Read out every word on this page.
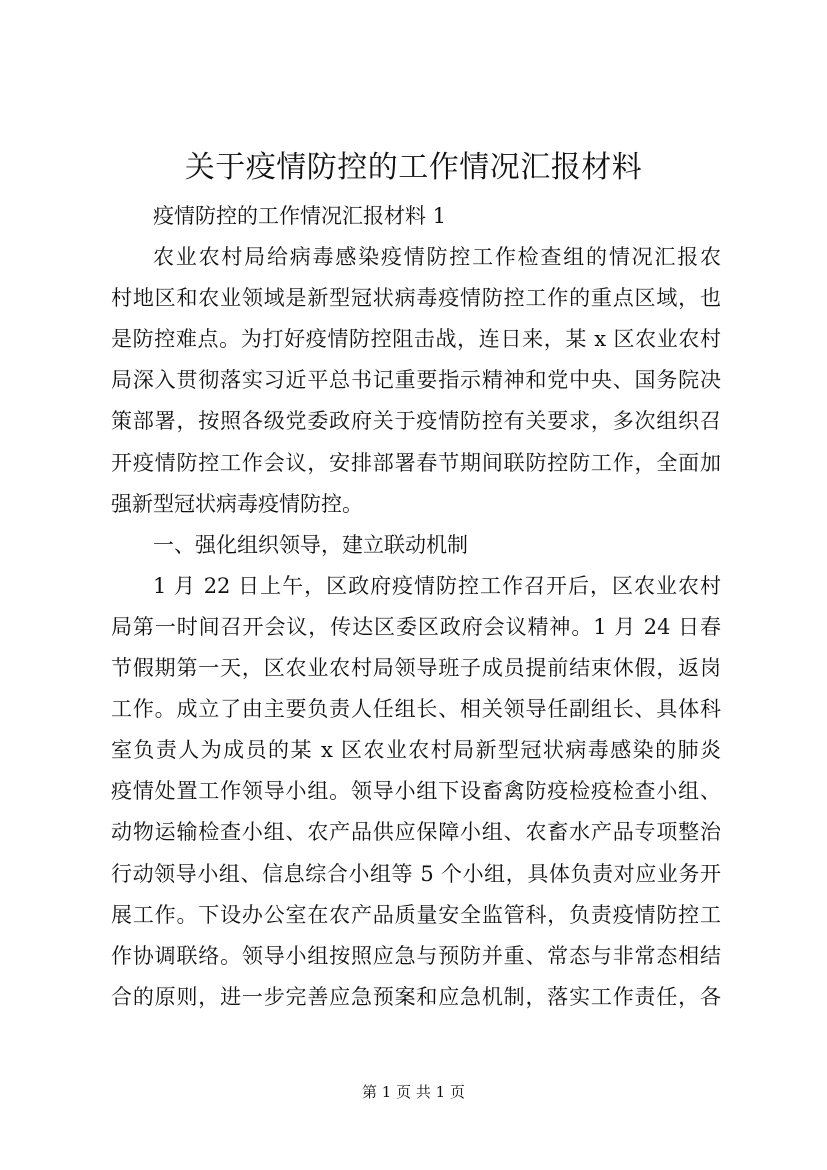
关于疫情防控的工作情况汇报材料
疫情防控的工作情况汇报材料 1
农业农村局给病毒感染疫情防控工作检查组的情况汇报农
村地区和农业领域是新型冠状病毒疫情防控工作的重点区域，也
是防控难点。为打好疫情防控阻击战，连日来，某 x 区农业农村
局深入贯彻落实习近平总书记重要指示精神和党中央、国务院决
策部署，按照各级党委政府关于疫情防控有关要求，多次组织召
开疫情防控工作会议，安排部署春节期间联防控防工作，全面加
强新型冠状病毒疫情防控。
一、强化组织领导，建立联动机制
1 月 22 日上午，区政府疫情防控工作召开后，区农业农村
局第一时间召开会议，传达区委区政府会议精神。1 月 24 日春
节假期第一天，区农业农村局领导班子成员提前结束休假，返岗
工作。成立了由主要负责人任组长、相关领导任副组长、具体科
室负责人为成员的某 x 区农业农村局新型冠状病毒感染的肺炎
疫情处置工作领导小组。领导小组下设畜禽防疫检疫检查小组、
动物运输检查小组、农产品供应保障小组、农畜水产品专项整治
行动领导小组、信息综合小组等 5 个小组，具体负责对应业务开
展工作。下设办公室在农产品质量安全监管科，负责疫情防控工
作协调联络。领导小组按照应急与预防并重、常态与非常态相结
合的原则，进一步完善应急预案和应急机制，落实工作责任，各
第 1 页 共 1 页
